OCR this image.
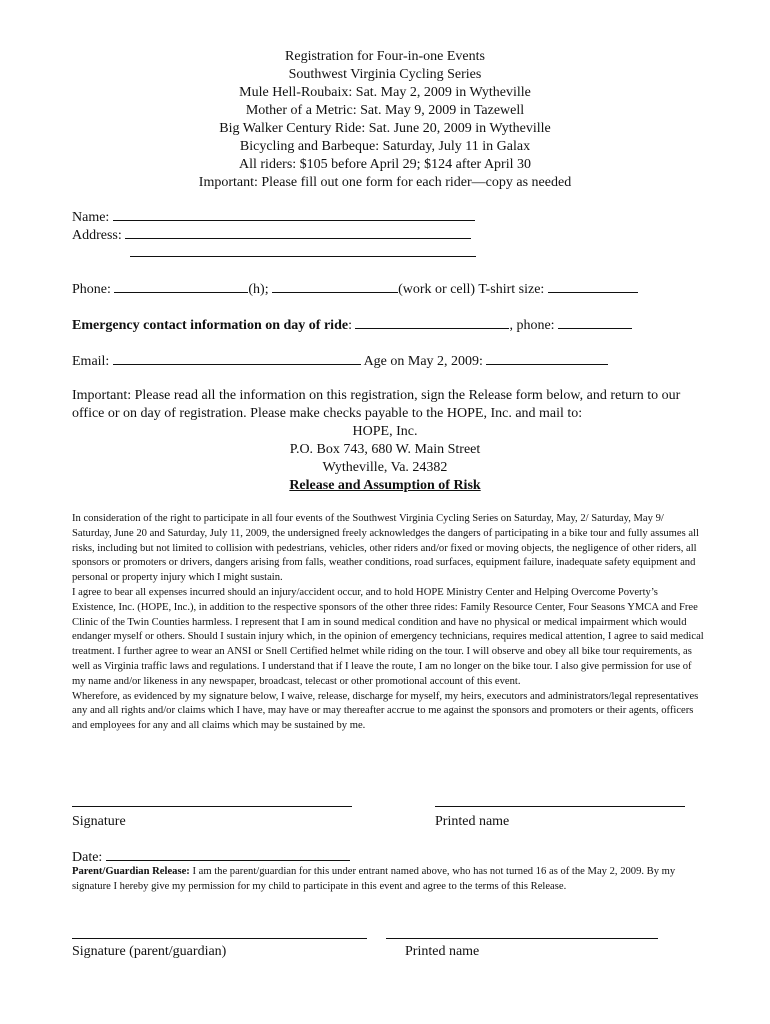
Registration for Four-in-one Events
Southwest Virginia Cycling Series
Mule Hell-Roubaix: Sat. May 2, 2009 in Wytheville
Mother of a Metric: Sat. May 9, 2009 in Tazewell
Big Walker Century Ride: Sat. June 20, 2009 in Wytheville
Bicycling and Barbeque: Saturday, July 11 in Galax
All riders: $105 before April 29; $124 after April 30
Important: Please fill out one form for each rider—copy as needed
Name:
Address:
Phone:	(h);	(work or cell) T-shirt size:
Emergency contact information on day of ride:	, phone:
Email:	Age on May 2, 2009:
Important: Please read all the information on this registration, sign the Release form below, and return to our office or on day of registration. Please make checks payable to the HOPE, Inc. and mail to:
HOPE, Inc.
P.O. Box 743, 680 W. Main Street
Wytheville, Va. 24382
Release and Assumption of Risk

In consideration of the right to participate in all four events of the Southwest Virginia Cycling Series on Saturday, May, 2/ Saturday, May 9/ Saturday, June 20 and Saturday, July 11, 2009, the undersigned freely acknowledges the dangers of participating in a bike tour and fully assumes all risks, including but not limited to collision with pedestrians, vehicles, other riders and/or fixed or moving objects, the negligence of other riders, all sponsors or promoters or drivers, dangers arising from falls, weather conditions, road surfaces, equipment failure, inadequate safety equipment and personal or property injury which I might sustain.

I agree to bear all expenses incurred should an injury/accident occur, and to hold HOPE Ministry Center and Helping Overcome Poverty’s Existence, Inc. (HOPE, Inc.), in addition to the respective sponsors of the other three rides: Family Resource Center, Four Seasons YMCA and Free Clinic of the Twin Counties harmless. I represent that I am in sound medical condition and have no physical or medical impairment which would endanger myself or others. Should I sustain injury which, in the opinion of emergency technicians, requires medical attention, I agree to said medical treatment. I further agree to wear an ANSI or Snell Certified helmet while riding on the tour. I will observe and obey all bike tour requirements, as well as Virginia traffic laws and regulations. I understand that if I leave the route, I am no longer on the bike tour. I also give permission for use of my name and/or likeness in any newspaper, broadcast, telecast or other promotional account of this event.

Wherefore, as evidenced by my signature below, I waive, release, discharge for myself, my heirs, executors and administrators/legal representatives any and all rights and/or claims which I have, may have or may thereafter accrue to me against the sponsors and promoters or their agents, officers and employees for any and all claims which may be sustained by me.

Signature	Printed name
Date:
Parent/Guardian Release: I am the parent/guardian for this under entrant named above, who has not turned 16 as of the May 2, 2009. By my signature I hereby give my permission for my child to participate in this event and agree to the terms of this Release.
Signature (parent/guardian)	Printed name
